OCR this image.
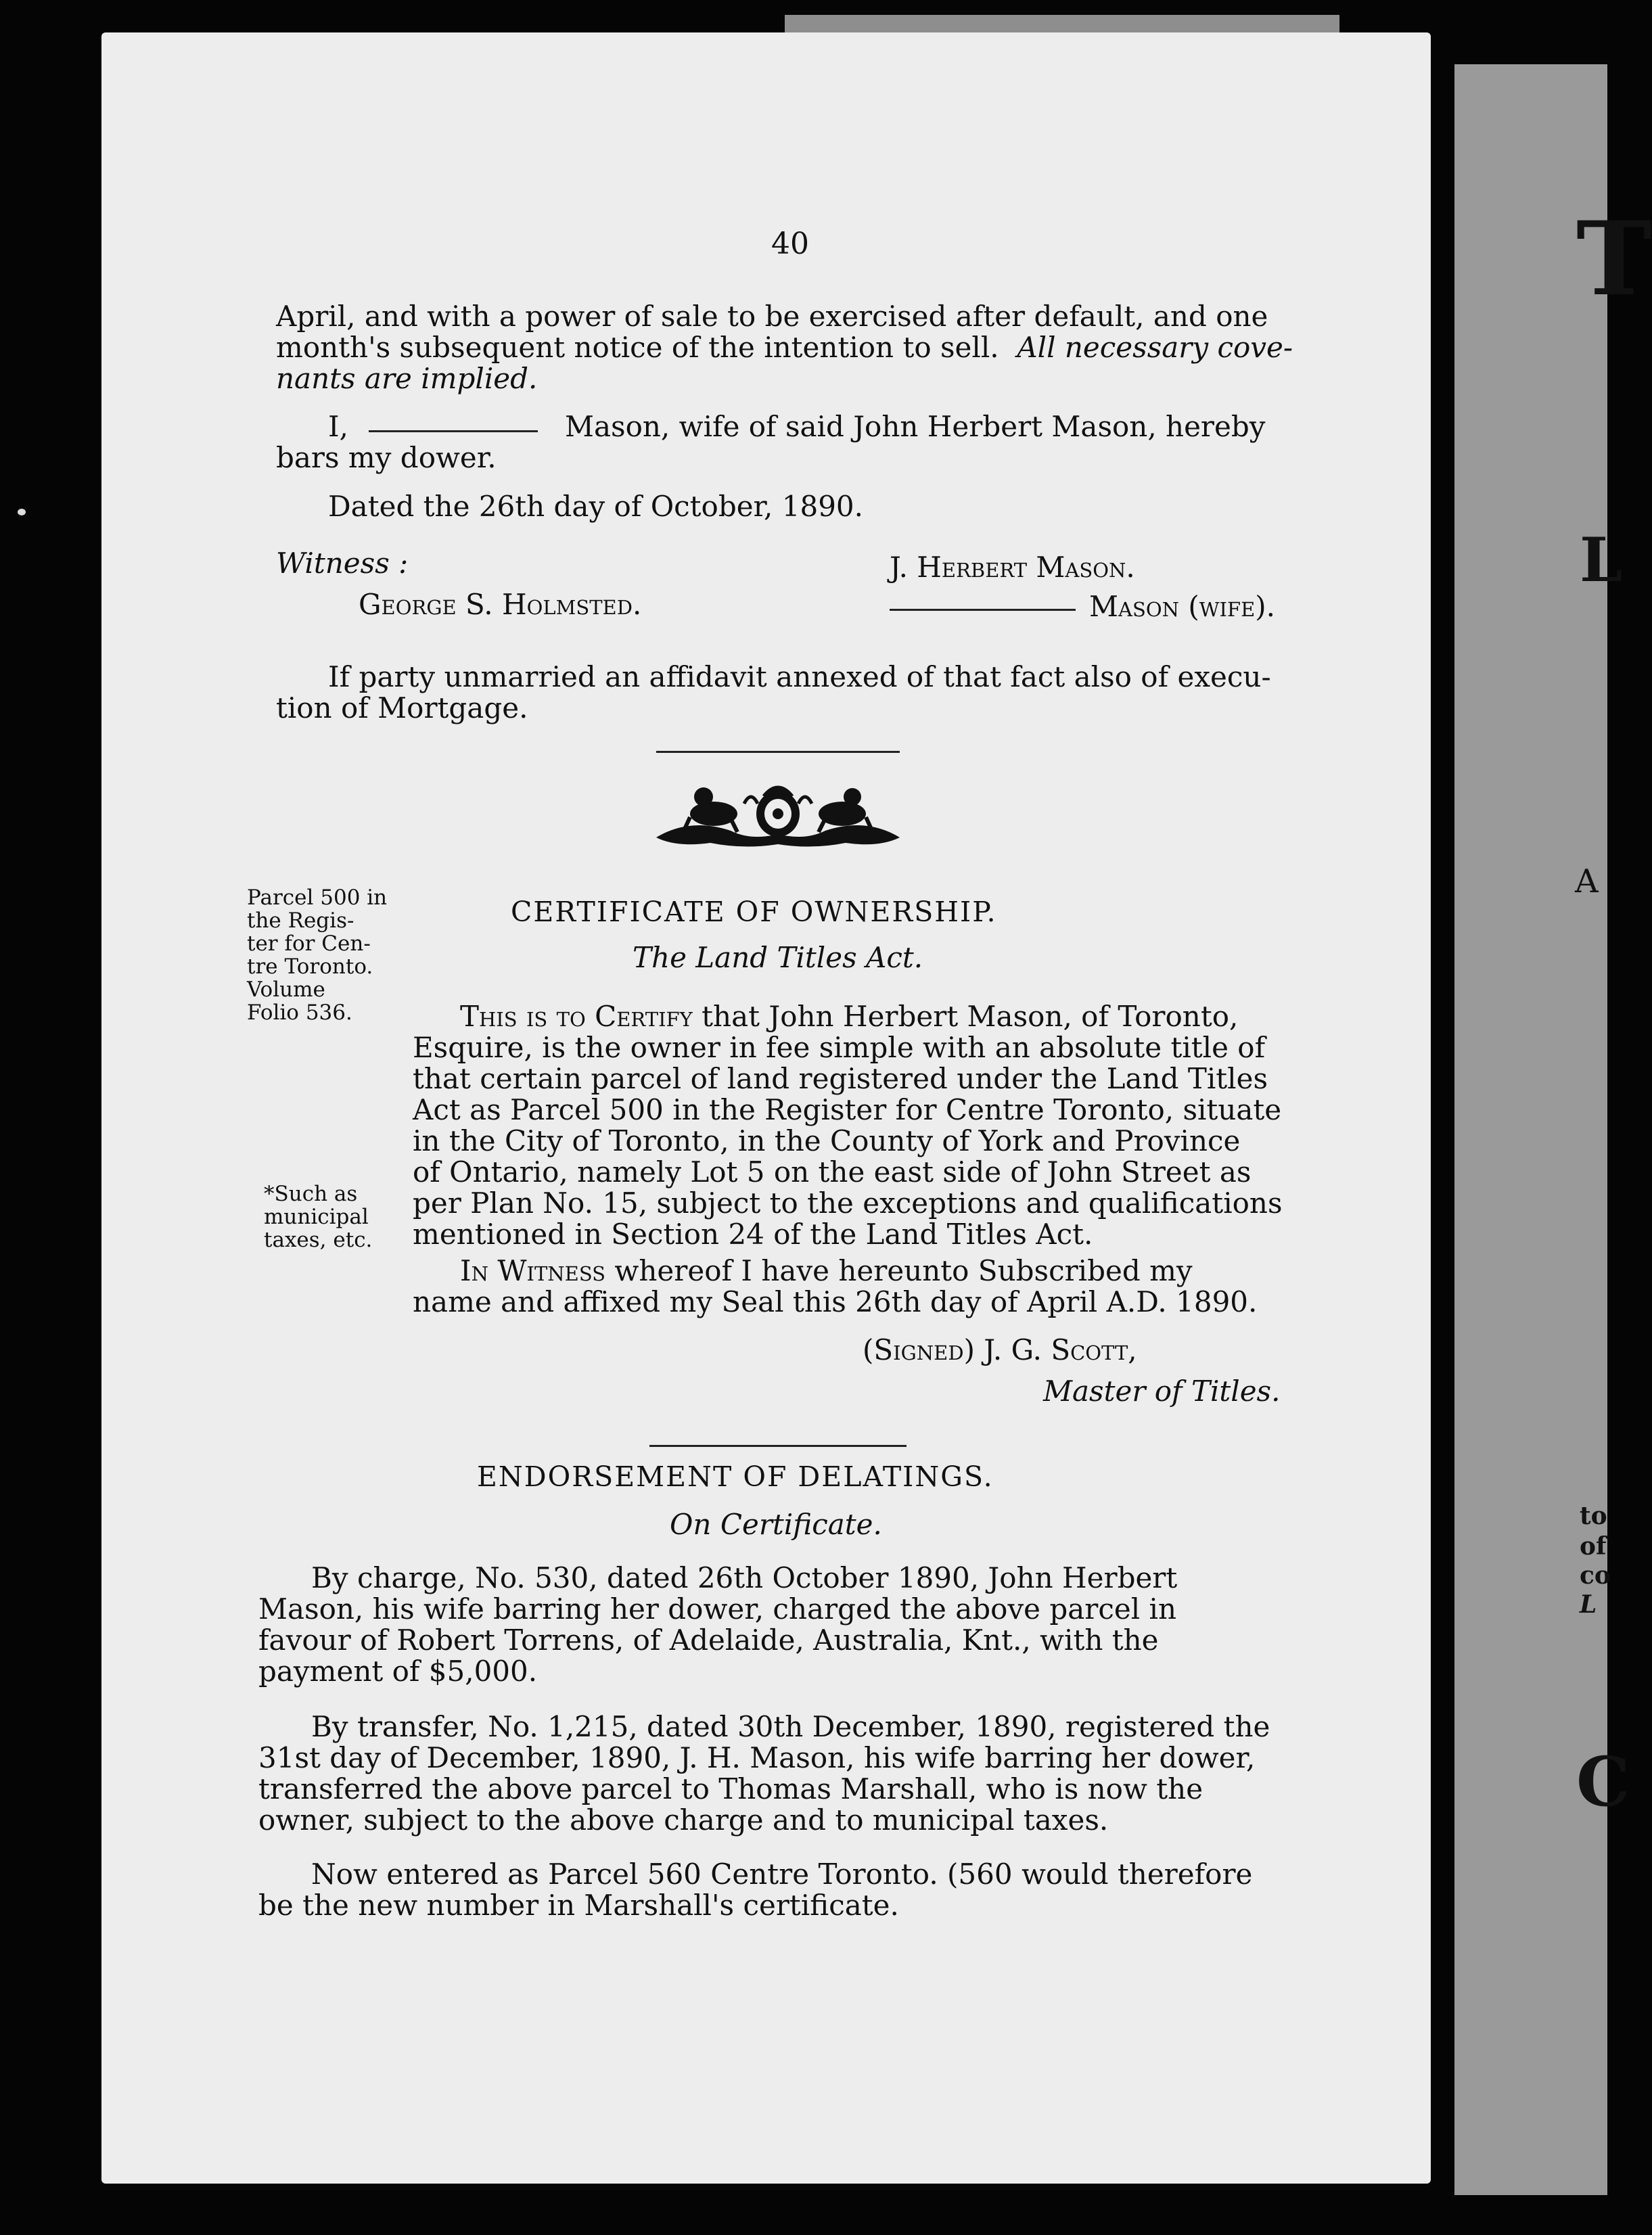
T
L
A
to
of
co
L
C
40
April, and with a power of sale to be exercised after default, and one
month's subsequent notice of the intention to sell. All necessary cove-
nants are implied.
I,	Mason, wife of said John Herbert Mason, hereby
bars my dower.
Dated the 26th day of October, 1890.
Witness :	J. Herbert Mason.
George S. Holmsted.	Mason (wife).
If party unmarried an affidavit annexed of that fact also of execu-
tion of Mortgage.
Parcel 500 in
the Regis-
ter for Cen-
tre Toronto.
Volume
Folio 536.
CERTIFICATE OF OWNERSHIP.
The Land Titles Act.
This is to Certify that John Herbert Mason, of Toronto,
Esquire, is the owner in fee simple with an absolute title of
that certain parcel of land registered under the Land Titles
Act as Parcel 500 in the Register for Centre Toronto, situate
in the City of Toronto, in the County of York and Province
of Ontario, namely Lot 5 on the east side of John Street as
per Plan No. 15, subject to the exceptions and qualifications
mentioned in Section 24 of the Land Titles Act.
*Such as
municipal
taxes, etc.
In Witness whereof I have hereunto Subscribed my
name and affixed my Seal this 26th day of April A.D. 1890.
(Signed) J. G. Scott,
Master of Titles.
ENDORSEMENT OF DELATINGS.
On Certificate.
By charge, No. 530, dated 26th October 1890, John Herbert
Mason, his wife barring her dower, charged the above parcel in
favour of Robert Torrens, of Adelaide, Australia, Knt., with the
payment of $5,000.
By transfer, No. 1,215, dated 30th December, 1890, registered the
31st day of December, 1890, J. H. Mason, his wife barring her dower,
transferred the above parcel to Thomas Marshall, who is now the
owner, subject to the above charge and to municipal taxes.
Now entered as Parcel 560 Centre Toronto. (560 would therefore
be the new number in Marshall's certificate.
